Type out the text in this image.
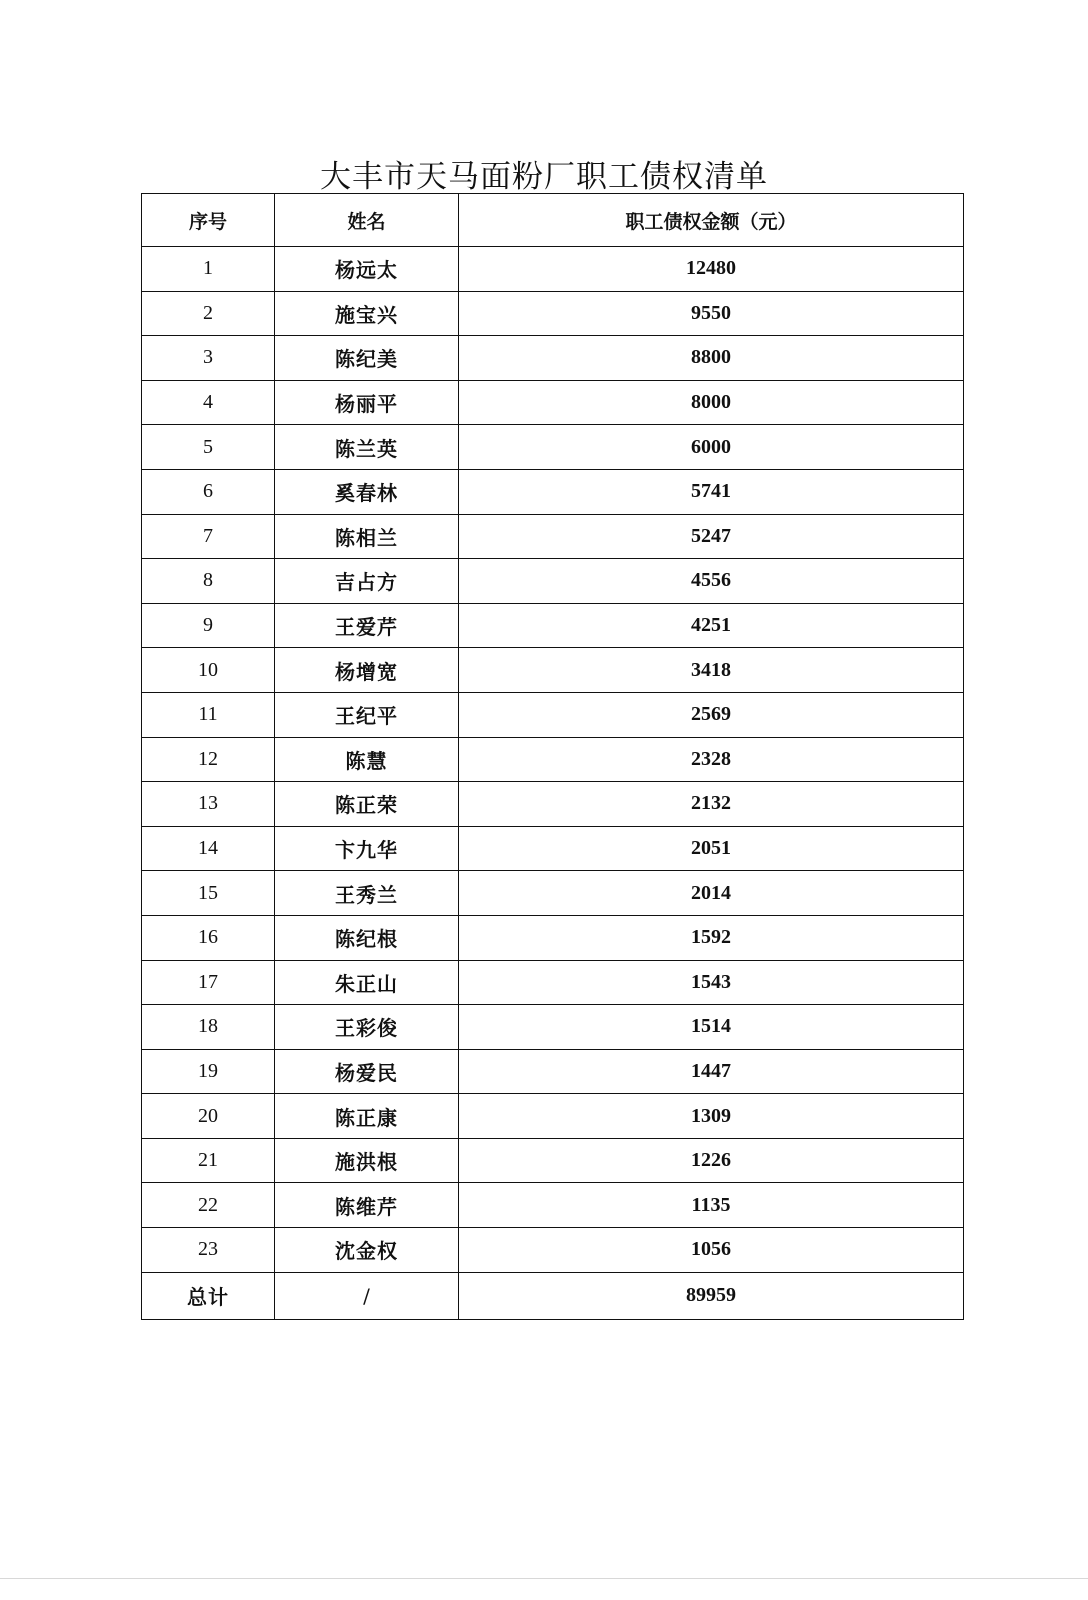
大丰市天马面粉厂职工债权清单
序号	姓名	职工债权金额（元）
1	杨远太	12480
2	施宝兴	9550
3	陈纪美	8800
4	杨丽平	8000
5	陈兰英	6000
6	奚春林	5741
7	陈相兰	5247
8	吉占方	4556
9	王爱芹	4251
10	杨增宽	3418
11	王纪平	2569
12	陈慧	2328
13	陈正荣	2132
14	卞九华	2051
15	王秀兰	2014
16	陈纪根	1592
17	朱正山	1543
18	王彩俊	1514
19	杨爱民	1447
20	陈正康	1309
21	施洪根	1226
22	陈维芹	1135
23	沈金权	1056
总计	/	89959
